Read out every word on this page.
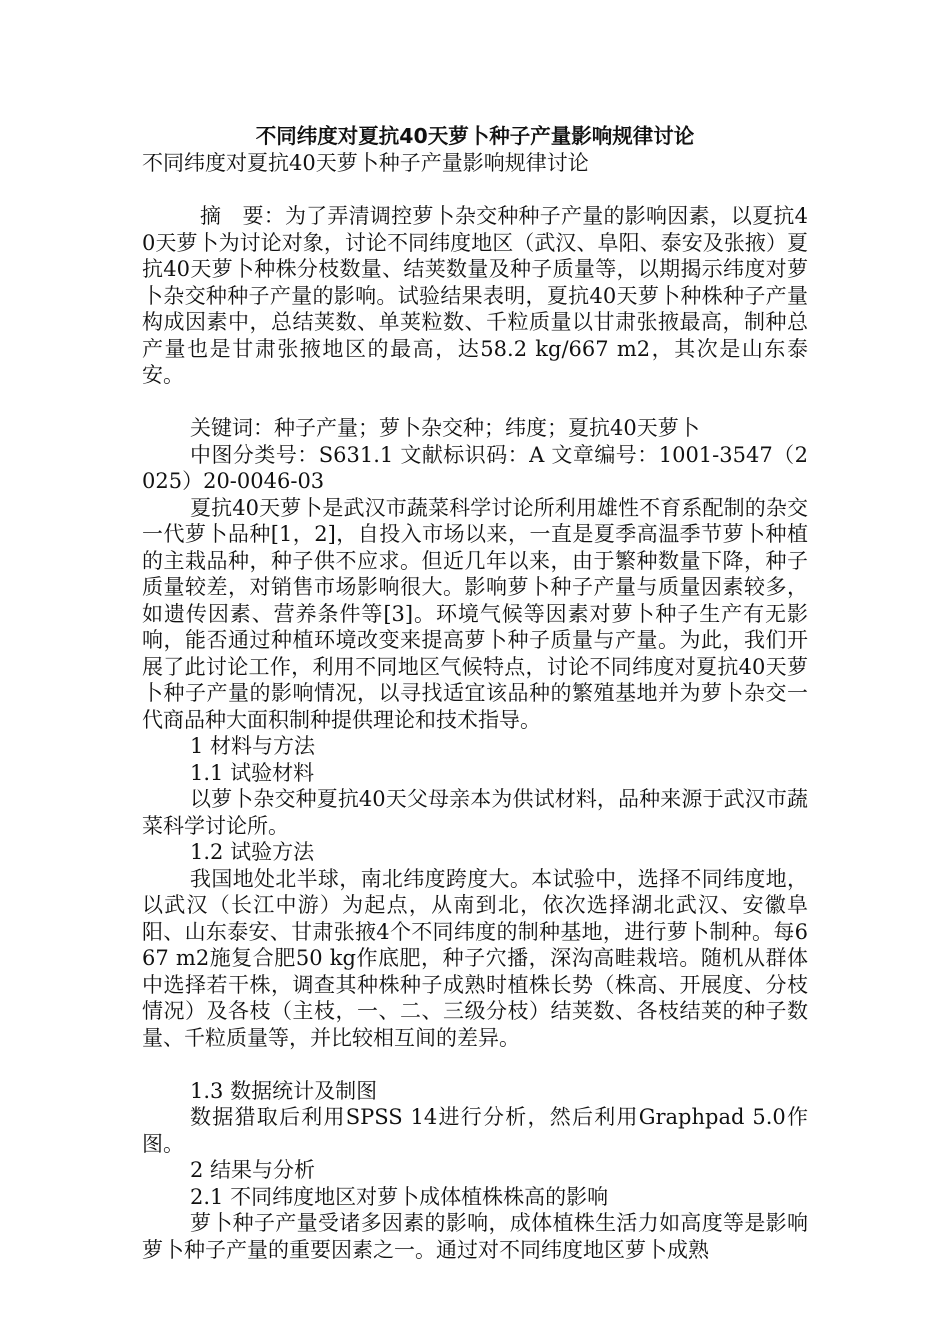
不同纬度对夏抗40天萝卜种子产量影响规律讨论

不同纬度对夏抗40天萝卜种子产量影响规律讨论

摘　要：为了弄清调控萝卜杂交种种子产量的影响因素，以夏抗40天萝卜为讨论对象，讨论不同纬度地区（武汉、阜阳、泰安及张掖）夏抗40天萝卜种株分枝数量、结荚数量及种子质量等，以期揭示纬度对萝卜杂交种种子产量的影响。试验结果表明，夏抗40天萝卜种株种子产量构成因素中，总结荚数、单荚粒数、千粒质量以甘肃张掖最高，制种总产量也是甘肃张掖地区的最高，达58.2 kg/667 m2，其次是山东泰安。

关键词：种子产量；萝卜杂交种；纬度；夏抗40天萝卜

中图分类号：S631.1 文献标识码：A 文章编号：1001-3547（2025）20-0046-03

夏抗40天萝卜是武汉市蔬菜科学讨论所利用雄性不育系配制的杂交一代萝卜品种[1，2]，自投入市场以来，一直是夏季高温季节萝卜种植的主栽品种，种子供不应求。但近几年以来，由于繁种数量下降，种子质量较差，对销售市场影响很大。影响萝卜种子产量与质量因素较多，如遗传因素、营养条件等[3]。环境气候等因素对萝卜种子生产有无影响，能否通过种植环境改变来提高萝卜种子质量与产量。为此，我们开展了此讨论工作，利用不同地区气候特点，讨论不同纬度对夏抗40天萝卜种子产量的影响情况，以寻找适宜该品种的繁殖基地并为萝卜杂交一代商品种大面积制种提供理论和技术指导。

1 材料与方法

1.1 试验材料

以萝卜杂交种夏抗40天父母亲本为供试材料，品种来源于武汉市蔬菜科学讨论所。

1.2 试验方法

我国地处北半球，南北纬度跨度大。本试验中，选择不同纬度地，以武汉（长江中游）为起点，从南到北，依次选择湖北武汉、安徽阜阳、山东泰安、甘肃张掖4个不同纬度的制种基地，进行萝卜制种。每667 m2施复合肥50 kg作底肥，种子穴播，深沟高畦栽培。随机从群体中选择若干株，调查其种株种子成熟时植株长势（株高、开展度、分枝情况）及各枝（主枝，一、二、三级分枝）结荚数、各枝结荚的种子数量、千粒质量等，并比较相互间的差异。

1.3 数据统计及制图

数据猎取后利用SPSS 14进行分析，然后利用Graphpad 5.0作图。

2 结果与分析

2.1 不同纬度地区对萝卜成体植株株高的影响

萝卜种子产量受诸多因素的影响，成体植株生活力如高度等是影响萝卜种子产量的重要因素之一。通过对不同纬度地区萝卜成熟
